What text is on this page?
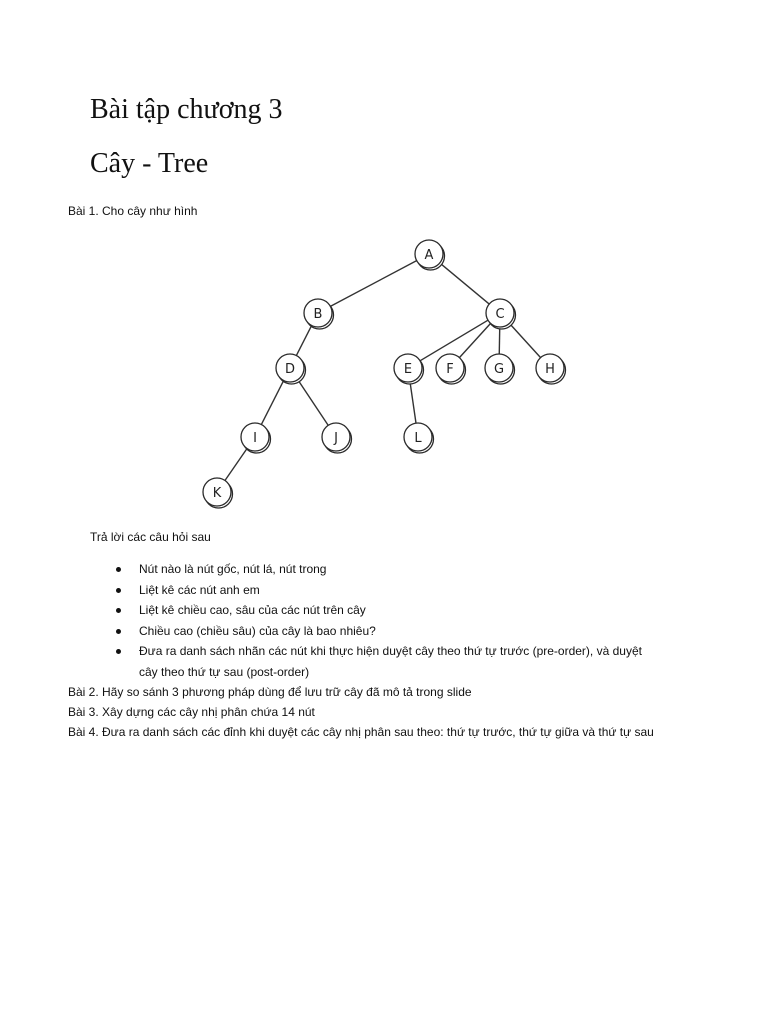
Bài tập chương 3
Cây - Tree
Bài 1. Cho cây như hình
A
B	C
D	E	F	G	H
I	J
K
L
Trả lời các câu hỏi sau
Nút nào là nút gốc, nút lá, nút trong
Liệt kê các nút anh em
Liệt kê chiều cao, sâu của các nút trên cây
Chiều cao (chiều sâu) của cây là bao nhiêu?
Đưa ra danh sách nhãn các nút khi thực hiện duyệt cây theo thứ tự trước (pre-order), và duyệt
cây theo thứ tự sau (post-order)
Bài 2. Hãy so sánh 3 phương pháp dùng để lưu trữ cây đã mô tả trong slide
Bài 3. Xây dựng các cây nhị phân chứa 14 nút
Bài 4. Đưa ra danh sách các đỉnh khi duyệt các cây nhị phân sau theo: thứ tự trước, thứ tự giữa và thứ tự sau
